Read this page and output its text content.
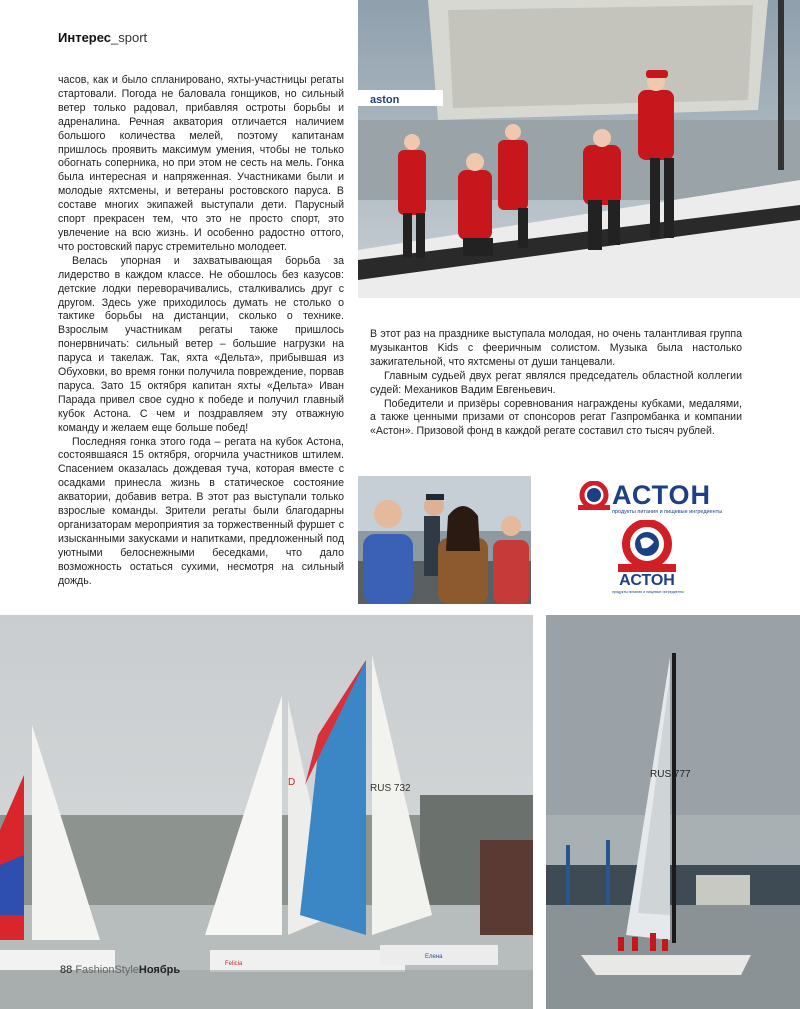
Интерес_sport

часов, как и было спланировано, яхты-участницы регаты стартовали. Погода не баловала гонщиков, но сильный ветер только радовал, прибавляя остроты борьбы и адреналина. Речная акватория отличается наличием большого количества мелей, поэтому капитанам пришлось проявить максимум умения, чтобы не только обогнать соперника, но при этом не сесть на мель. Гонка была интересная и напряженная. Участниками были и молодые яхтсмены, и ветераны ростовского паруса. В составе многих экипажей выступали дети. Парусный спорт прекрасен тем, что это не просто спорт, это увлечение на всю жизнь. И особенно радостно оттого, что ростовский парус стремительно молодеет.

Велась упорная и захватывающая борьба за лидерство в каждом классе. Не обошлось без казусов: детские лодки переворачивались, сталкивались друг с другом. Здесь уже приходилось думать не столько о тактике борьбы на дистанции, сколько о технике. Взрослым участникам регаты также пришлось понервничать: сильный ветер – большие нагрузки на паруса и такелаж. Так, яхта «Дельта», прибывшая из Обуховки, во время гонки получила повреждение, порвав паруса. Зато 15 октября капитан яхты «Дельта» Иван Парада привел свое судно к победе и получил главный кубок Астона. С чем и поздравляем эту отважную команду и желаем еще больше побед!

Последняя гонка этого года – регата на кубок Астона, состоявшаяся 15 октября, огорчила участников штилем. Спасением оказалась дождевая туча, которая вместе с осадками принесла жизнь в статическое состояние акватории, добавив ветра. В этот раз выступали только взрослые команды. Зрители регаты были благодарны организаторам мероприятия за торжественный фуршет с изысканными закусками и напитками, предложенный под уютными белоснежными беседками, что дало возможность остаться сухими, несмотря на сильный дождь.

В этот раз на празднике выступала молодая, но очень талантливая группа музыкантов Kids с фееричным солистом. Музыка была настолько зажигательной, что яхтсмены от души танцевали.

Главным судьей двух регат являлся председатель областной коллегии судей: Механиков Вадим Евгеньевич.

Победители и призёры соревнования награждены кубками, медалями, а также ценными призами от спонсоров регат Газпромбанка и компании «Астон». Призовой фонд в каждой регате составил сто тысяч рублей.

aston
АСТОН
продукты питания и пищевые ингредиенты
АСТОН
продукты питания и пищевые ингредиенты
D
RUS 732
Felicia
Елена
RUS 777
88 FashionStyleНоябрь
